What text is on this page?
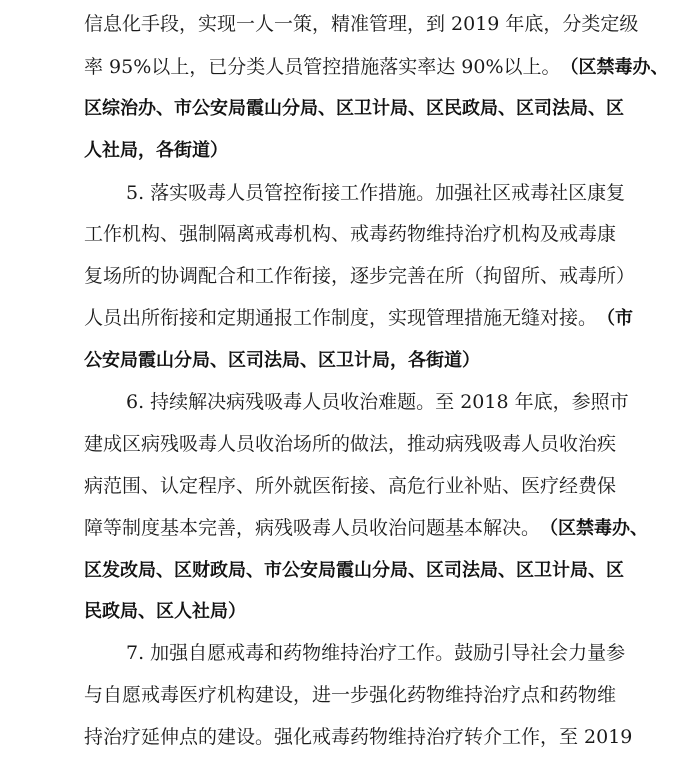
信息化手段，实现一人一策，精准管理，到 2019 年底，分类定级
率 95%以上，已分类人员管控措施落实率达 90%以上。（区禁毒办、
区综治办、市公安局霞山分局、区卫计局、区民政局、区司法局、区
人社局，各街道）
5. 落实吸毒人员管控衔接工作措施。加强社区戒毒社区康复
工作机构、强制隔离戒毒机构、戒毒药物维持治疗机构及戒毒康
复场所的协调配合和工作衔接，逐步完善在所（拘留所、戒毒所）
人员出所衔接和定期通报工作制度，实现管理措施无缝对接。（市
公安局霞山分局、区司法局、区卫计局，各街道）
6. 持续解决病残吸毒人员收治难题。至 2018 年底，参照市
建成区病残吸毒人员收治场所的做法，推动病残吸毒人员收治疾
病范围、认定程序、所外就医衔接、高危行业补贴、医疗经费保
障等制度基本完善，病残吸毒人员收治问题基本解决。（区禁毒办、
区发改局、区财政局、市公安局霞山分局、区司法局、区卫计局、区
民政局、区人社局）
7. 加强自愿戒毒和药物维持治疗工作。鼓励引导社会力量参
与自愿戒毒医疗机构建设，进一步强化药物维持治疗点和药物维
持治疗延伸点的建设。强化戒毒药物维持治疗转介工作，至 2019
